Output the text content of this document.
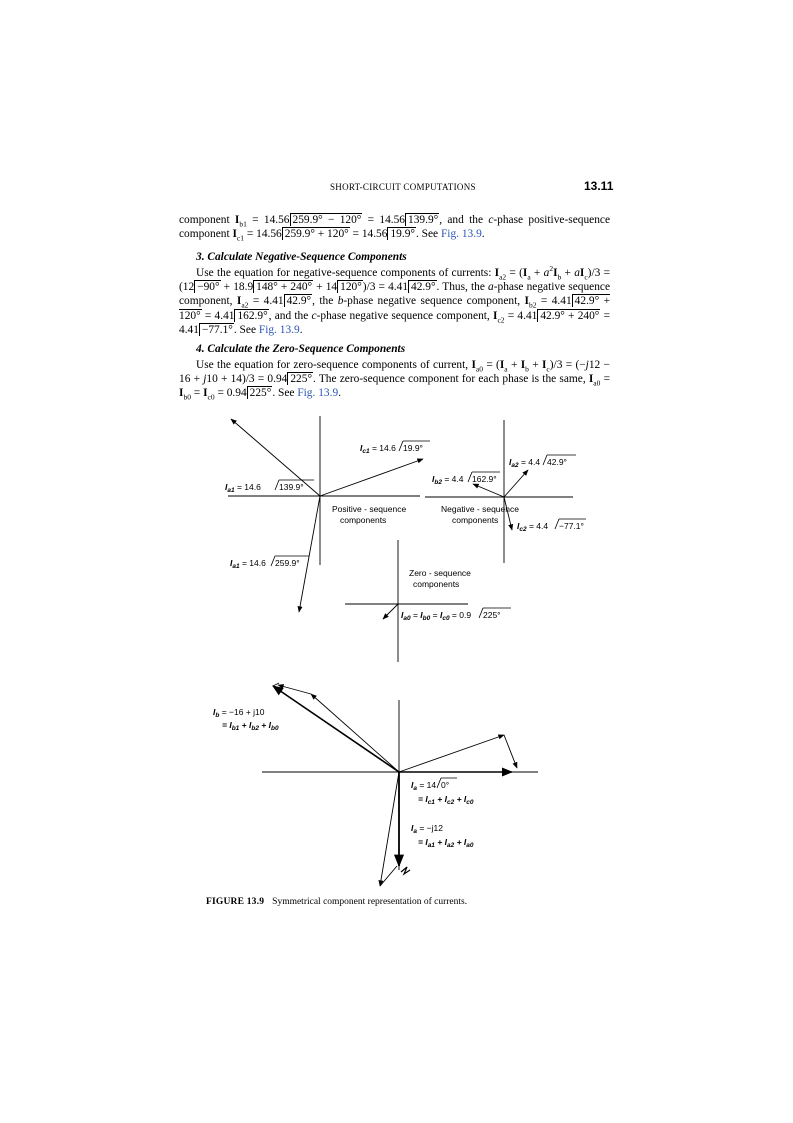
SHORT-CIRCUIT COMPUTATIONS	13.11

component $I_{b1} = 14.56$ 259.9° − 120° = 14.56 139.9°, and the c-phase positive-sequence component $I_{c1} = 14.56$ 259.9° + 120° = 14.56 19.9°. See Fig. 13.9.

3. Calculate Negative-Sequence Components

Use the equation for negative-sequence components of currents: $I_{a2} = (I_a + a^2I_b + aI_c)/3 = (12 -90^\circ + 18.9$ 148° + 240° + 14 120°)/3 = 4.41 42.9°. Thus, the a-phase negative sequence component, $I_{a2} = 4.41$ 42.9°, the b-phase negative sequence component, $I_{b2} = 4.41$ 42.9° + 120° = 4.41 162.9°, and the c-phase negative sequence component, $I_{c2} = 4.41$ 42.9° + 240° = 4.41 −77.1°. See Fig. 13.9.

4. Calculate the Zero-Sequence Components

Use the equation for zero-sequence components of current, $I_{a0} = (I_a + I_b + I_c)/3 = (-j12 - 16 + j10 + 14)/3 = 0.94$ 225°. The zero-sequence component for each phase is the same, $I_{a0} = I_{b0} = I_{c0} = 0.94$ 225°. See Fig. 13.9.

$I_{a1} = 14.6$ 139.9°
$I_{c1} = 14.6$ 19.9°
$I_{a1} = 14.6$ 259.9°
Positive - sequence
components
$I_{a2} = 4.4$ 42.9°
$I_{b2} = 4.4$ 162.9°
$I_{c2} = 4.4 -77.1^\circ$
Negative - sequence
components
Zero - sequence
components
$I_{a0} = I_{b0} = I_{c0} = 0.9$ 225°
$I_b = -16 + j10$
= $I_{b1} + I_{b2} + I_{b0}$
$I_a = 14$ 0°
= $I_{c1} + I_{c2} + I_{c0}$
$I_a = -j12$
= $I_{a1} + I_{a2} + I_{a0}$
FIGURE 13.9 Symmetrical component representation of currents.
